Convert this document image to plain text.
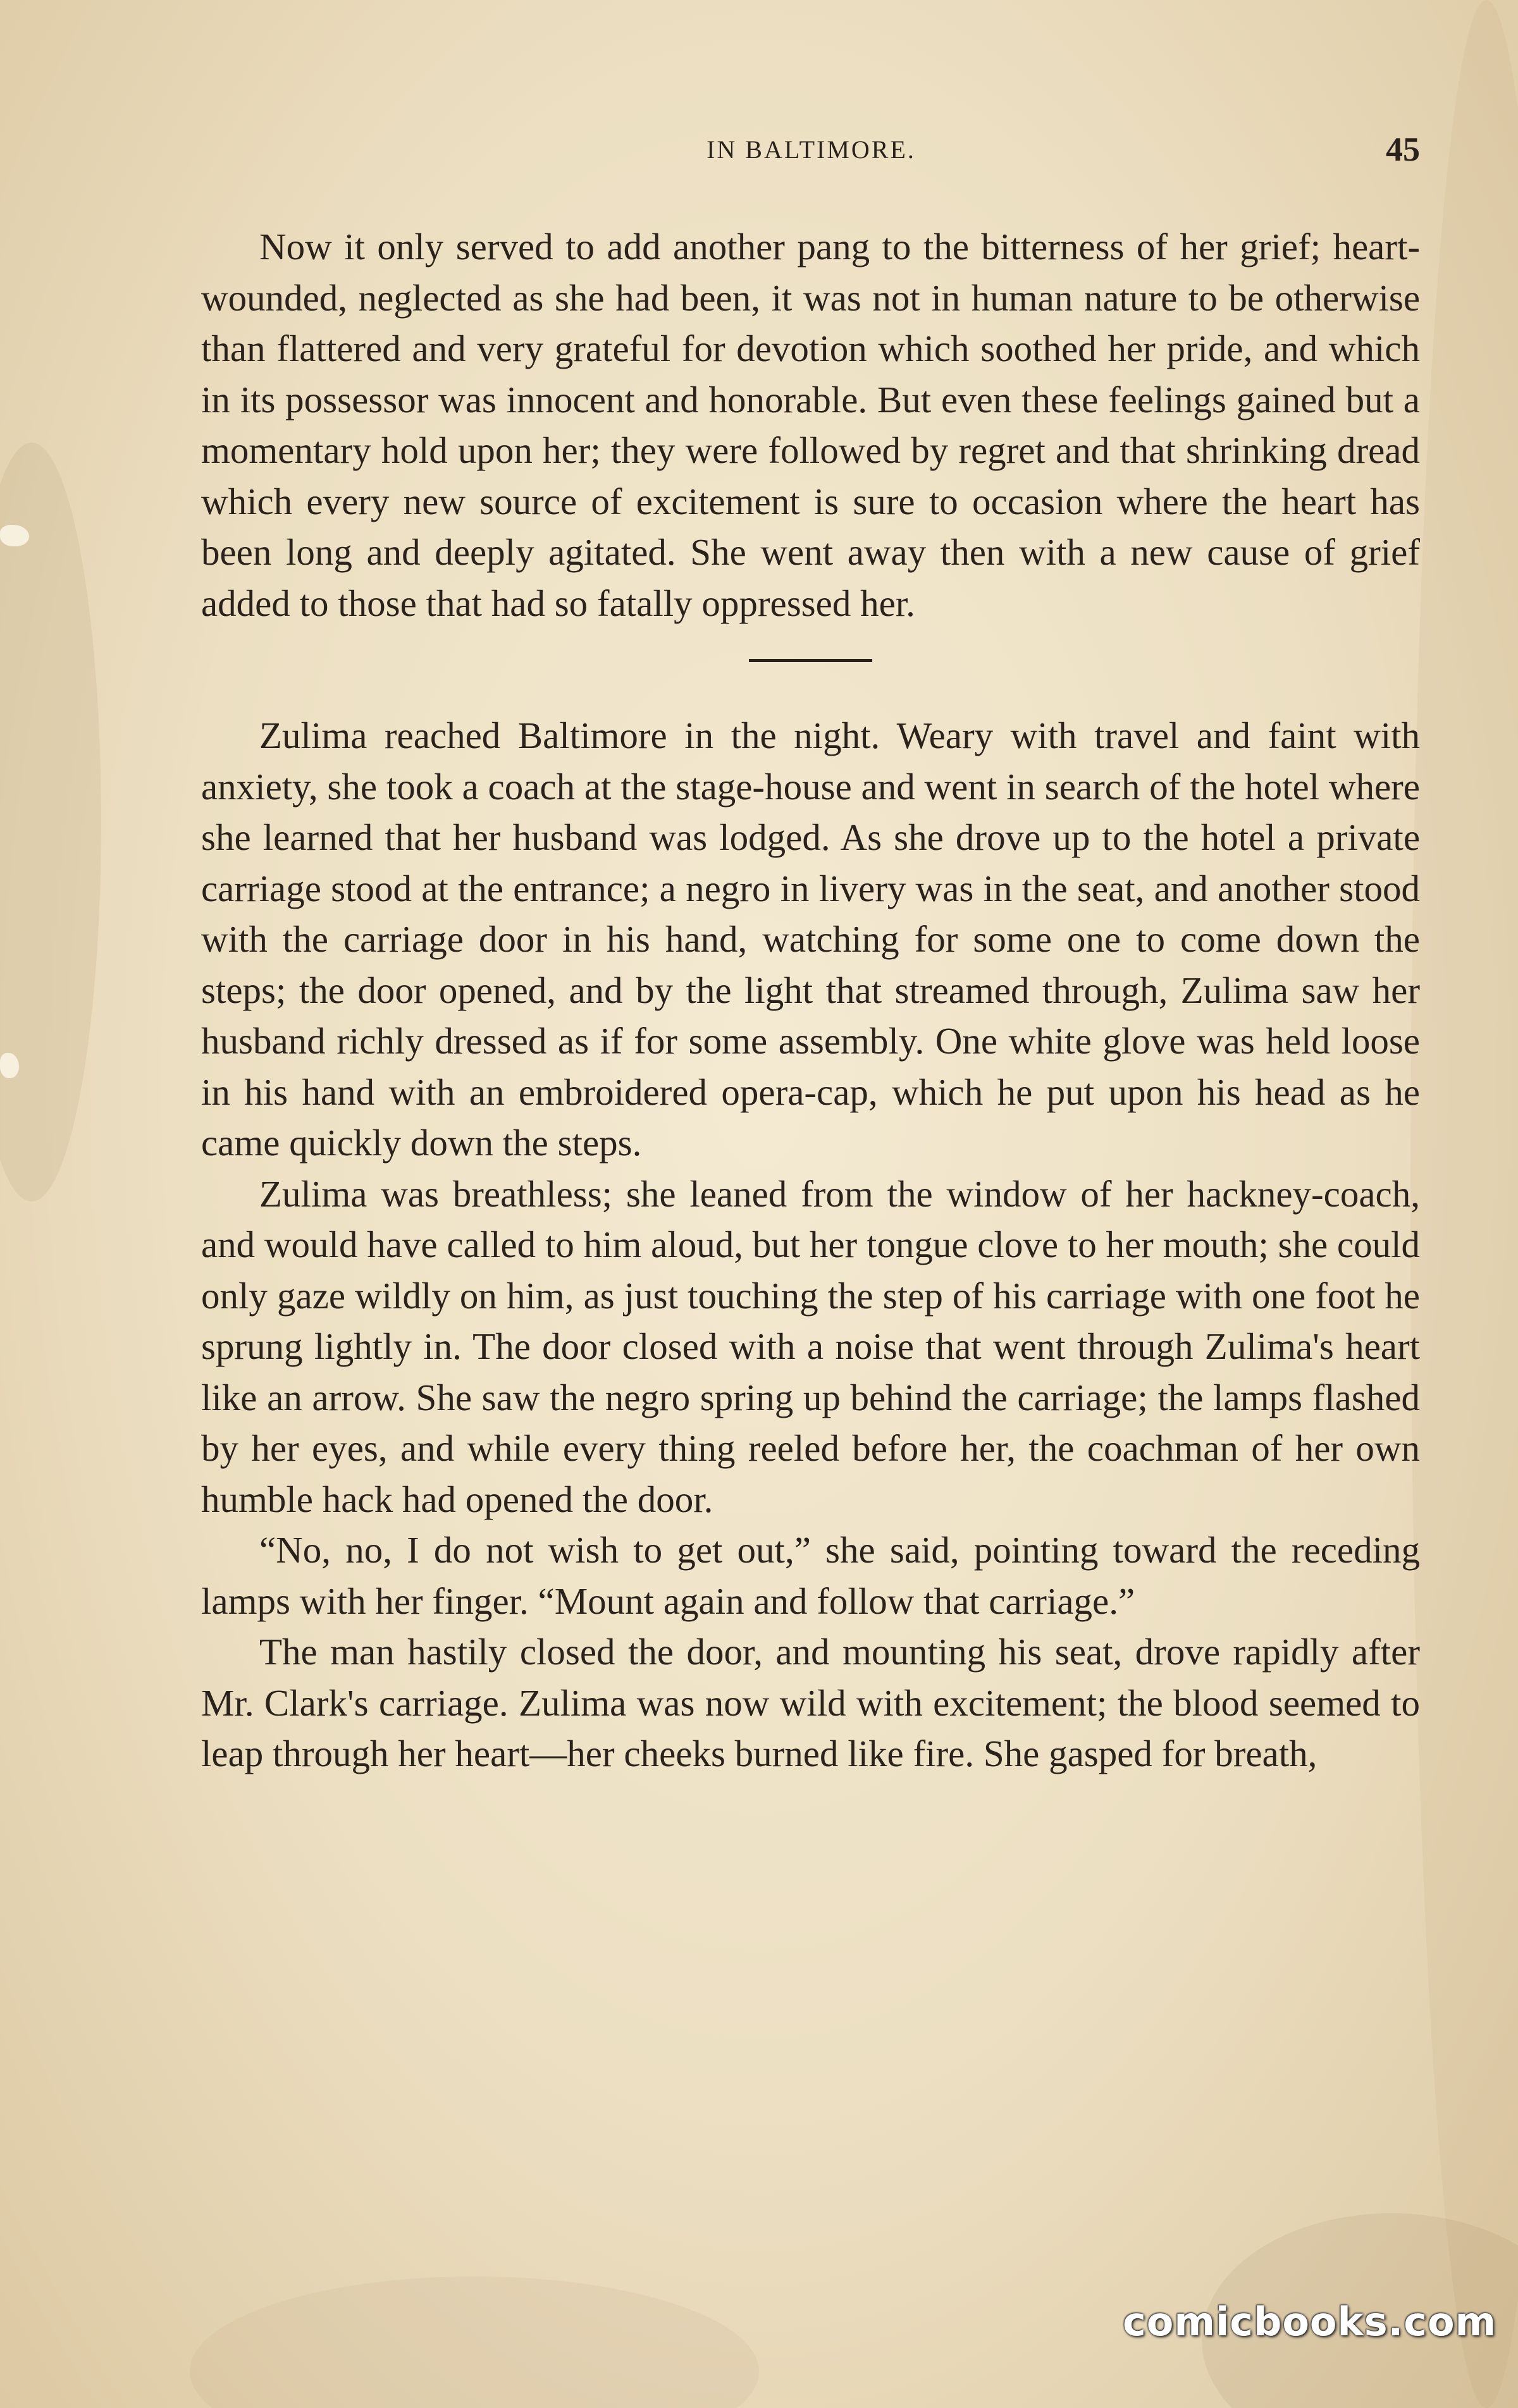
IN BALTIMORE.	45

Now it only served to add another pang to the bitterness of her grief; heart-wounded, neglected as she had been, it was not in human nature to be otherwise than flattered and very grateful for devotion which soothed her pride, and which in its possessor was innocent and honorable. But even these feelings gained but a momentary hold upon her; they were followed by regret and that shrinking dread which every new source of excitement is sure to occasion where the heart has been long and deeply agitated. She went away then with a new cause of grief added to those that had so fatally oppressed her.

Zulima reached Baltimore in the night. Weary with travel and faint with anxiety, she took a coach at the stage-house and went in search of the hotel where she learned that her husband was lodged. As she drove up to the hotel a private carriage stood at the entrance; a negro in livery was in the seat, and another stood with the carriage door in his hand, watching for some one to come down the steps; the door opened, and by the light that streamed through, Zulima saw her husband richly dressed as if for some assembly. One white glove was held loose in his hand with an embroidered opera-cap, which he put upon his head as he came quickly down the steps.

Zulima was breathless; she leaned from the window of her hackney-coach, and would have called to him aloud, but her tongue clove to her mouth; she could only gaze wildly on him, as just touching the step of his carriage with one foot he sprung lightly in. The door closed with a noise that went through Zulima's heart like an arrow. She saw the negro spring up behind the carriage; the lamps flashed by her eyes, and while every thing reeled before her, the coachman of her own humble hack had opened the door.

“No, no, I do not wish to get out,” she said, pointing toward the receding lamps with her finger. “Mount again and follow that carriage.”

The man hastily closed the door, and mounting his seat, drove rapidly after Mr. Clark's carriage. Zulima was now wild with excitement; the blood seemed to leap through her heart—her cheeks burned like fire. She gasped for breath,

comicbooks.com
